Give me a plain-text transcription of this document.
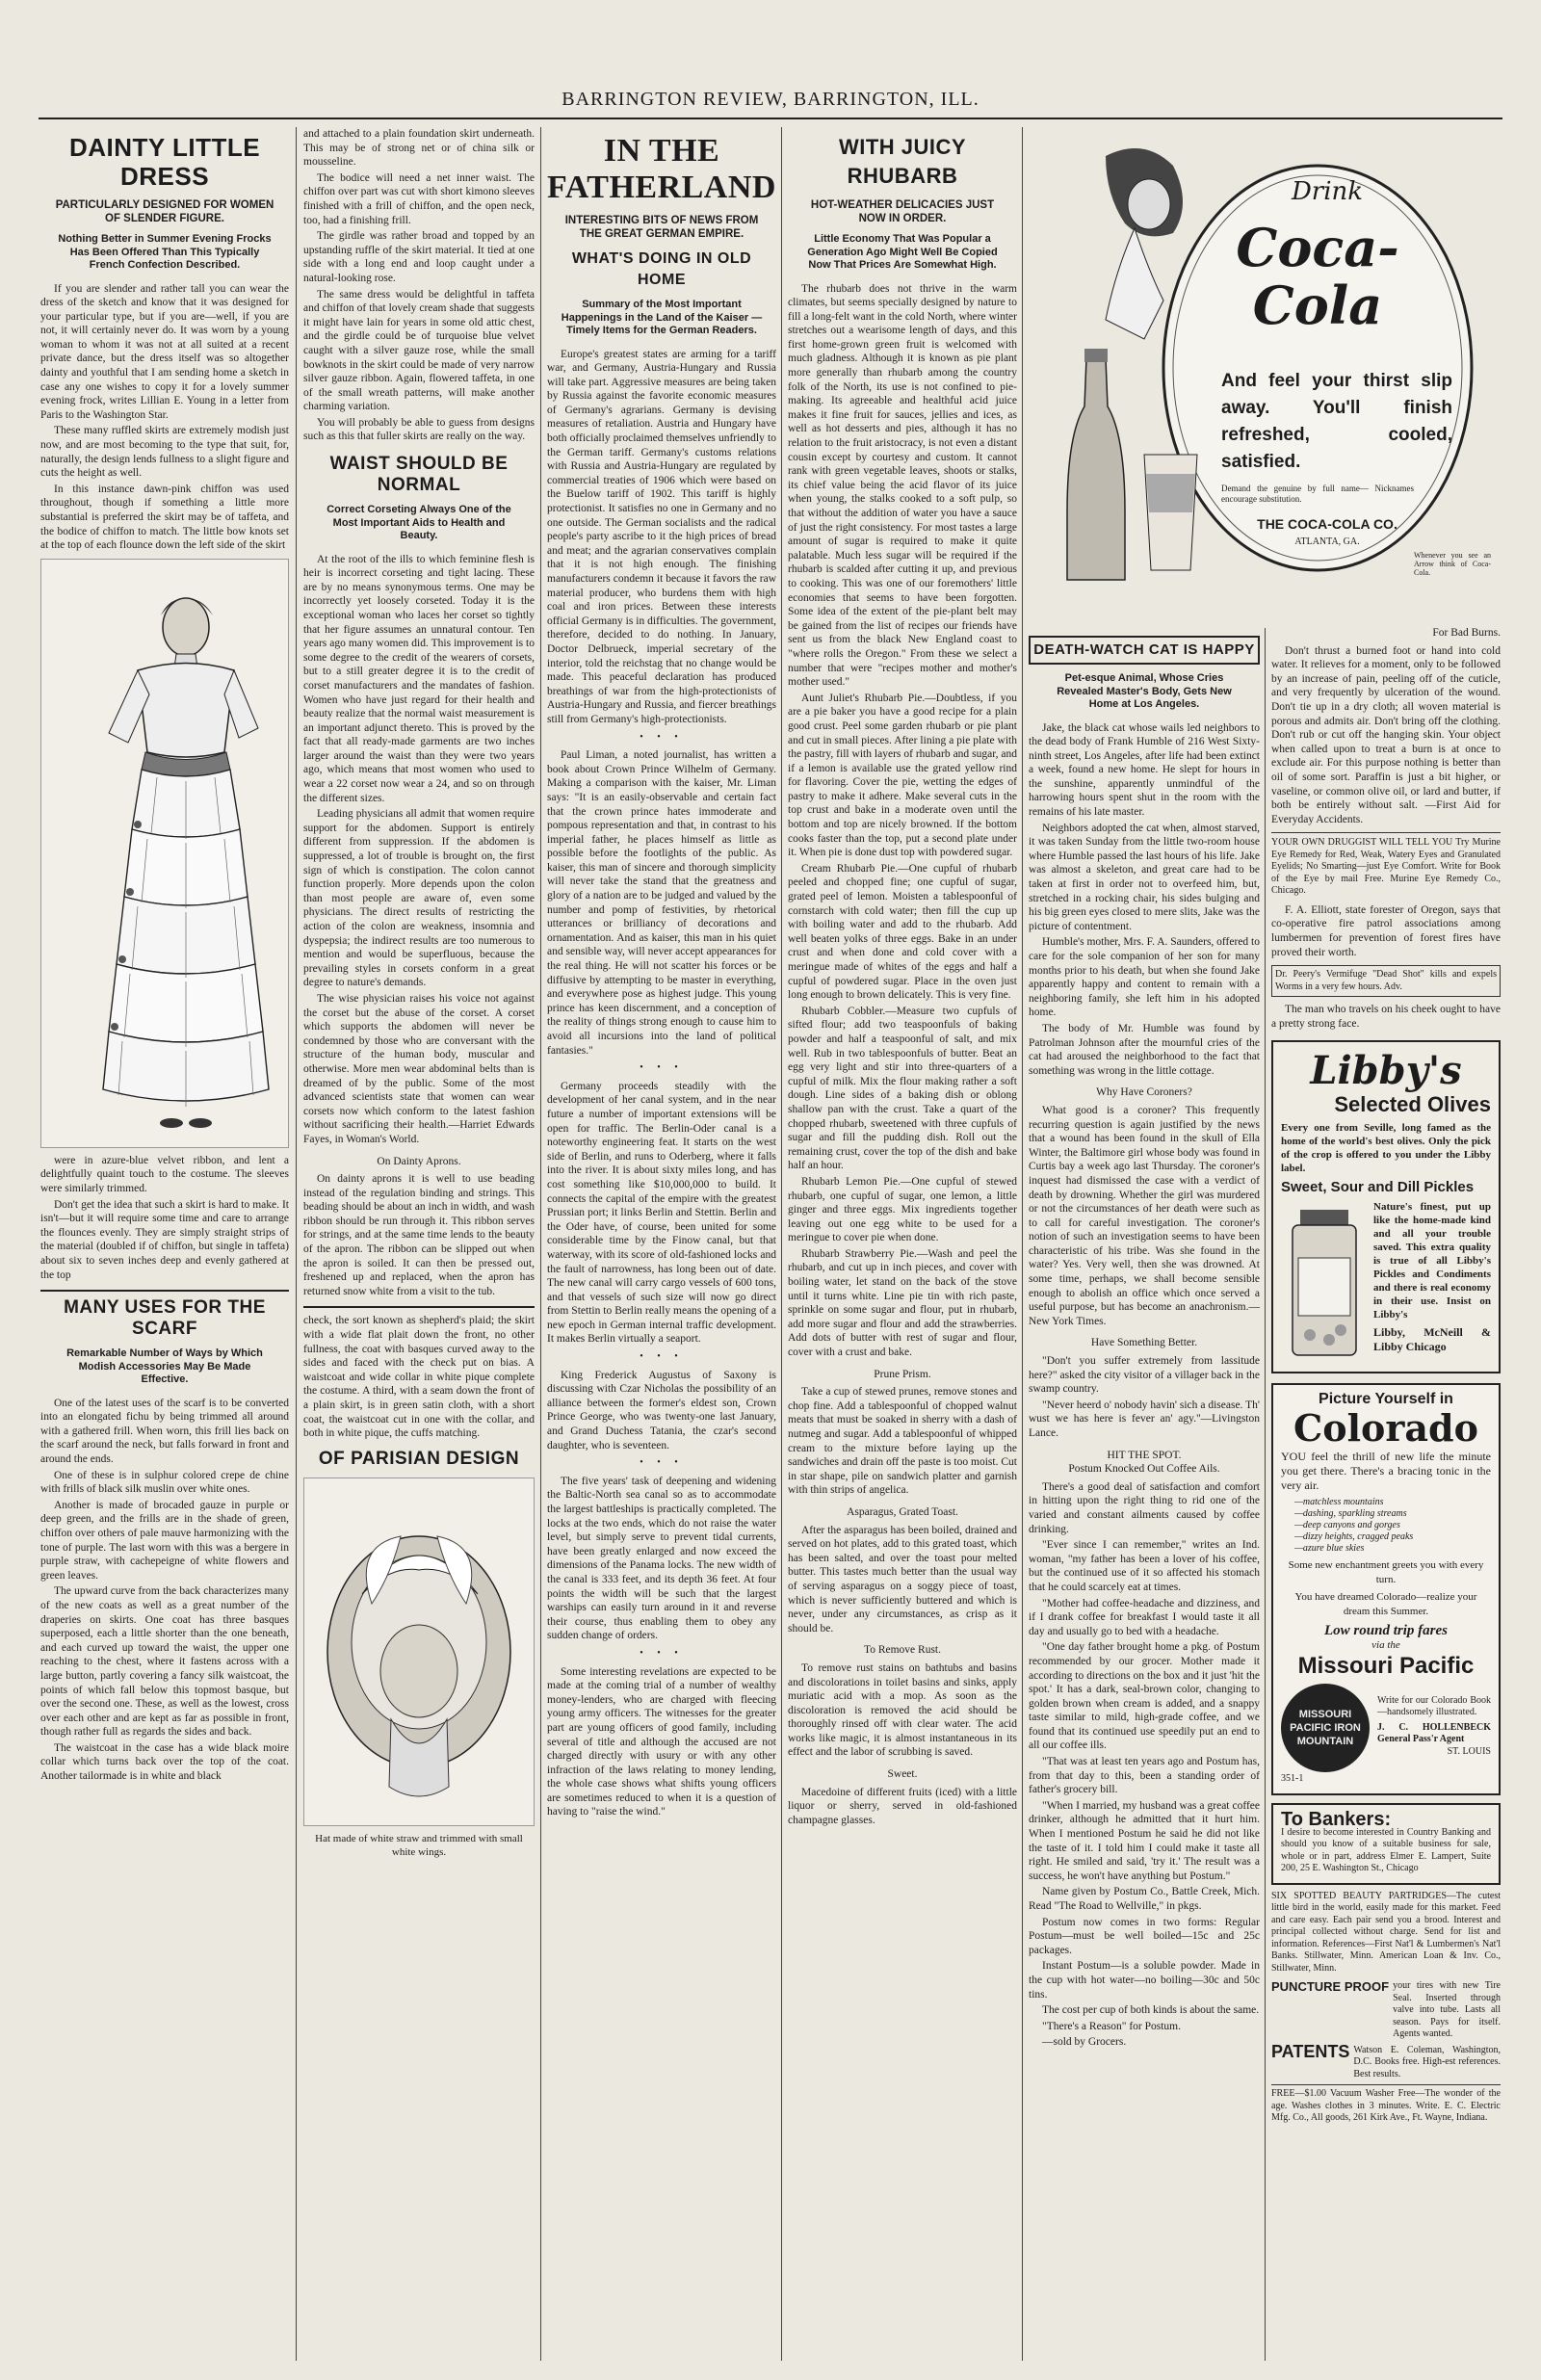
BARRINGTON REVIEW, BARRINGTON, ILL.
DAINTY LITTLE DRESS
PARTICULARLY DESIGNED FOR WOMEN OF SLENDER FIGURE.
Nothing Better in Summer Evening Frocks Has Been Offered Than This Typically French Confection Described.

If you are slender and rather tall you can wear the dress of the sketch and know that it was designed for your particular type, but if you are—well, if you are not, it will certainly never do. It was worn by a young woman to whom it was not at all suited at a recent private dance, but the dress itself was so altogether dainty and youthful that I am sending home a sketch in case any one wishes to copy it for a lovely summer evening frock, writes Lillian E. Young in a letter from Paris to the Washington Star.

These many ruffled skirts are extremely modish just now, and are most becoming to the type that suit, for, naturally, the design lends fullness to a slight figure and cuts the height as well.

In this instance dawn-pink chiffon was used throughout, though if something a little more substantial is preferred the skirt may be of taffeta, and the bodice of chiffon to match. The little bow knots set at the top of each flounce down the left side of the skirt

were in azure-blue velvet ribbon, and lent a delightfully quaint touch to the costume. The sleeves were similarly trimmed.

Don't get the idea that such a skirt is hard to make. It isn't—but it will require some time and care to arrange the flounces evenly. They are simply straight strips of the material (doubled if of chiffon, but single in taffeta) about six to seven inches deep and evenly gathered at the top

MANY USES FOR THE SCARF
Remarkable Number of Ways by Which Modish Accessories May Be Made Effective.

One of the latest uses of the scarf is to be converted into an elongated fichu by being trimmed all around with a gathered frill. When worn, this frill lies back on the scarf around the neck, but falls forward in front and around the ends.

One of these is in sulphur colored crepe de chine with frills of black silk muslin over white ones.

Another is made of brocaded gauze in purple or deep green, and the frills are in the shade of green, chiffon over others of pale mauve harmonizing with the tone of purple. The last worn with this was a bergere in purple straw, with cachepeigne of white flowers and green leaves.

The upward curve from the back characterizes many of the new coats as well as a great number of the draperies on skirts. One coat has three basques superposed, each a little shorter than the one beneath, and each curved up toward the waist, the upper one reaching to the chest, where it fastens across with a large button, partly covering a fancy silk waistcoat, the points of which fall below this topmost basque, but over the second one. These, as well as the lowest, cross over each other and are kept as far as possible in front, though rather full as regards the sides and back.

The waistcoat in the case has a wide black moire collar which turns back over the top of the coat. Another tailormade is in white and black

and attached to a plain foundation skirt underneath. This may be of strong net or of china silk or mousseline.

The bodice will need a net inner waist. The chiffon over part was cut with short kimono sleeves finished with a frill of chiffon, and the open neck, too, had a finishing frill.

The girdle was rather broad and topped by an upstanding ruffle of the skirt material. It tied at one side with a long end and loop caught under a natural-looking rose.

The same dress would be delightful in taffeta and chiffon of that lovely cream shade that suggests it might have lain for years in some old attic chest, and the girdle could be of turquoise blue velvet caught with a silver gauze rose, while the small bowknots in the skirt could be made of very narrow silver gauze ribbon. Again, flowered taffeta, in one of the small wreath patterns, will make another charming variation.

You will probably be able to guess from designs such as this that fuller skirts are really on the way.

WAIST SHOULD BE NORMAL
Correct Corseting Always One of the Most Important Aids to Health and Beauty.

At the root of the ills to which feminine flesh is heir is incorrect corseting and tight lacing. These are by no means synonymous terms. One may be incorrectly yet loosely corseted. Today it is the exceptional woman who laces her corset so tightly that her figure assumes an unnatural contour. Ten years ago many women did. This improvement is to some degree to the credit of the wearers of corsets, but to a still greater degree it is to the credit of corset manufacturers and the mandates of fashion. Women who have just regard for their health and beauty realize that the normal waist measurement is an important adjunct thereto. This is proved by the fact that all ready-made garments are two inches larger around the waist than they were two years ago, which means that most women who used to wear a 22 corset now wear a 24, and so on through the different sizes.

Leading physicians all admit that women require support for the abdomen. Support is entirely different from suppression. If the abdomen is suppressed, a lot of trouble is brought on, the first sign of which is constipation. The colon cannot function properly. More depends upon the colon than most people are aware of, even some physicians. The direct results of restricting the action of the colon are weakness, insomnia and dyspepsia; the indirect results are too numerous to mention and would be superfluous, because the prevailing styles in corsets conform in a great degree to nature's demands.

The wise physician raises his voice not against the corset but the abuse of the corset. A corset which supports the abdomen will never be condemned by those who are conversant with the structure of the human body, muscular and otherwise. More men wear abdominal belts than is dreamed of by the public. Some of the most advanced scientists state that women can wear corsets now which conform to the latest fashion without sacrificing their health.—Harriet Edwards Fayes, in Woman's World.

On Dainty Aprons.

On dainty aprons it is well to use beading instead of the regulation binding and strings. This beading should be about an inch in width, and wash ribbon should be run through it. This ribbon serves for strings, and at the same time lends to the beauty of the apron. The ribbon can be slipped out when the apron is soiled. It can then be pressed out, freshened up and replaced, when the apron has returned snow white from a visit to the tub.

check, the sort known as shepherd's plaid; the skirt with a wide flat plait down the front, no other fullness, the coat with basques curved away to the sides and faced with the check put on bias. A waistcoat and wide collar in white pique complete the costume. A third, with a seam down the front of a plain skirt, is in green satin cloth, with a short coat, the waistcoat cut in one with the collar, and both in white pique, the cuffs matching.

OF PARISIAN DESIGN
Hat made of white straw and trimmed with small white wings.
IN THE FATHERLAND
INTERESTING BITS OF NEWS FROM THE GREAT GERMAN EMPIRE.
WHAT'S DOING IN OLD HOME
Summary of the Most Important Happenings in the Land of the Kaiser —Timely Items for the German Readers.

Europe's greatest states are arming for a tariff war, and Germany, Austria-Hungary and Russia will take part. Aggressive measures are being taken by Russia against the favorite economic measures of Germany's agrarians. Germany is devising measures of retaliation. Austria and Hungary have both officially proclaimed themselves unfriendly to the German tariff. Germany's customs relations with Russia and Austria-Hungary are regulated by commercial treaties of 1906 which were based on the Buelow tariff of 1902. This tariff is highly protectionist. It satisfies no one in Germany and no one outside. The German socialists and the radical people's party ascribe to it the high prices of bread and meat; and the agrarian conservatives complain that it is not high enough. The finishing manufacturers condemn it because it favors the raw material producer, who burdens them with high coal and iron prices. Between these interests official Germany is in difficulties. The government, therefore, decided to do nothing. In January, Doctor Delbrueck, imperial secretary of the interior, told the reichstag that no change would be made. This peaceful declaration has produced breathings of war from the high-protectionists of Austria-Hungary and Russia, and fiercer breathings still from Germany's high-protectionists.

• • •

Paul Liman, a noted journalist, has written a book about Crown Prince Wilhelm of Germany. Making a comparison with the kaiser, Mr. Liman says: "It is an easily-observable and certain fact that the crown prince hates immoderate and pompous representation and that, in contrast to his imperial father, he places himself as little as possible before the footlights of the public. As kaiser, this man of sincere and thorough simplicity will never take the stand that the greatness and glory of a nation are to be judged and valued by the number and pomp of festivities, by rhetorical utterances or brilliancy of decorations and ornamentation. And as kaiser, this man in his quiet and sensible way, will never accept appearances for the real thing. He will not scatter his forces or be diffusive by attempting to be master in everything, and everywhere pose as highest judge. This young prince has keen discernment, and a conception of the reality of things strong enough to cause him to avoid all incursions into the land of political fantasies."

• • •

Germany proceeds steadily with the development of her canal system, and in the near future a number of important extensions will be open for traffic. The Berlin-Oder canal is a noteworthy engineering feat. It starts on the west side of Berlin, and runs to Oderberg, where it falls into the river. It is about sixty miles long, and has cost something like $10,000,000 to build. It connects the capital of the empire with the greatest Prussian port; it links Berlin and Stettin. Berlin and the Oder have, of course, been united for some considerable time by the Finow canal, but that waterway, with its score of old-fashioned locks and the fault of narrowness, has long been out of date. The new canal will carry cargo vessels of 600 tons, and that vessels of such size will now go direct from Stettin to Berlin really means the opening of a new epoch in German internal traffic development. It makes Berlin virtually a seaport.

• • •

King Frederick Augustus of Saxony is discussing with Czar Nicholas the possibility of an alliance between the former's eldest son, Crown Prince George, who was twenty-one last January, and Grand Duchess Tatania, the czar's second daughter, who is seventeen.

• • •

The five years' task of deepening and widening the Baltic-North sea canal so as to accommodate the largest battleships is practically completed. The locks at the two ends, which do not raise the water level, but simply serve to prevent tidal currents, have been greatly enlarged and now exceed the dimensions of the Panama locks. The new width of the canal is 333 feet, and its depth 36 feet. At four points the width will be such that the largest warships can easily turn around in it and reverse their course, thus enabling them to obey any sudden change of orders.

• • •

Some interesting revelations are expected to be made at the coming trial of a number of wealthy money-lenders, who are charged with fleecing young army officers. The witnesses for the greater part are young officers of good family, including several of title and although the accused are not charged directly with usury or with any other infraction of the laws relating to money lending, the whole case shows what shifts young officers are sometimes reduced to when it is a question of having to "raise the wind."

WITH JUICY RHUBARB
HOT-WEATHER DELICACIES JUST NOW IN ORDER.
Little Economy That Was Popular a Generation Ago Might Well Be Copied Now That Prices Are Somewhat High.

The rhubarb does not thrive in the warm climates, but seems specially designed by nature to fill a long-felt want in the cold North, where winter stretches out a wearisome length of days, and this first home-grown green fruit is welcomed with much gladness. Although it is known as pie plant more generally than rhubarb among the country folk of the North, its use is not confined to pie-making. Its agreeable and healthful acid juice makes it fine fruit for sauces, jellies and ices, as well as hot desserts and pies, although it has no relation to the fruit aristocracy, is not even a distant cousin except by courtesy and custom. It cannot rank with green vegetable leaves, shoots or stalks, its chief value being the acid flavor of its juice when young, the stalks cooked to a soft pulp, so that without the addition of water you have a sauce of just the right consistency. For most tastes a large amount of sugar is required to make it quite palatable. Much less sugar will be required if the rhubarb is scalded after cutting it up, and previous to cooking. This was one of our foremothers' little economies that seems to have been forgotten. Some idea of the extent of the pie-plant belt may be gained from the list of recipes our friends have sent us from the black New England coast to "where rolls the Oregon." From these we select a number that were "recipes mother and mother's mother used."

Aunt Juliet's Rhubarb Pie.—Doubtless, if you are a pie baker you have a good recipe for a plain good crust. Peel some garden rhubarb or pie plant and cut in small pieces. After lining a pie plate with the pastry, fill with layers of rhubarb and sugar, and if a lemon is available use the grated yellow rind for flavoring. Cover the pie, wetting the edges of pastry to make it adhere. Make several cuts in the top crust and bake in a moderate oven until the bottom and top are nicely browned. If the bottom cooks faster than the top, put a second plate under it. When pie is done dust top with powdered sugar.

Cream Rhubarb Pie.—One cupful of rhubarb peeled and chopped fine; one cupful of sugar, grated peel of lemon. Moisten a tablespoonful of cornstarch with cold water; then fill the cup up with boiling water and add to the rhubarb. Add well beaten yolks of three eggs. Bake in an under crust and when done and cold cover with a meringue made of whites of the eggs and half a cupful of powdered sugar. Place in the oven just long enough to brown delicately. This is very fine.

Rhubarb Cobbler.—Measure two cupfuls of sifted flour; add two teaspoonfuls of baking powder and half a teaspoonful of salt, and mix well. Rub in two tablespoonfuls of butter. Beat an egg very light and stir into three-quarters of a cupful of milk. Mix the flour making rather a soft dough. Line sides of a baking dish or oblong shallow pan with the crust. Take a quart of the chopped rhubarb, sweetened with three cupfuls of sugar and fill the pudding dish. Roll out the remaining crust, cover the top of the dish and bake half an hour.

Rhubarb Lemon Pie.—One cupful of stewed rhubarb, one cupful of sugar, one lemon, a little ginger and three eggs. Mix ingredients together leaving out one egg white to be used for a meringue to cover pie when done.

Rhubarb Strawberry Pie.—Wash and peel the rhubarb, and cut up in inch pieces, and cover with boiling water, let stand on the back of the stove until it turns white. Line pie tin with rich paste, sprinkle on some sugar and flour, put in rhubarb, add more sugar and flour and add the strawberries. Add dots of butter with rest of sugar and flour, cover with a crust and bake.

Prune Prism.

Take a cup of stewed prunes, remove stones and chop fine. Add a tablespoonful of chopped walnut meats that must be soaked in sherry with a dash of nutmeg and sugar. Add a tablespoonful of whipped cream to the mixture before laying up the sandwiches and drain off the paste is too moist. Cut in star shape, pile on sandwich platter and garnish with thin strips of angelica.

Asparagus, Grated Toast.

After the asparagus has been boiled, drained and served on hot plates, add to this grated toast, which has been salted, and over the toast pour melted butter. This tastes much better than the usual way of serving asparagus on a soggy piece of toast, which is never sufficiently buttered and which is never, under any circumstances, as crisp as it should be.

To Remove Rust.

To remove rust stains on bathtubs and basins and discolorations in toilet basins and sinks, apply muriatic acid with a mop. As soon as the discoloration is removed the acid should be thoroughly rinsed off with clear water. The acid works like magic, it is almost instantaneous in its effect and the labor of scrubbing is saved.

Sweet.

Macedoine of different fruits (iced) with a little liquor or sherry, served in old-fashioned champagne glasses.

Drink
Coca-Cola
And feel your thirst slip away. You'll finish refreshed, cooled, satisfied.
Demand the genuine by full name— Nicknames encourage substitution.
THE COCA-COLA CO.
ATLANTA, GA.
Whenever you see an Arrow think of Coca-Cola.
DEATH-WATCH CAT IS HAPPY
Pet-esque Animal, Whose Cries Revealed Master's Body, Gets New Home at Los Angeles.

Jake, the black cat whose wails led neighbors to the dead body of Frank Humble of 216 West Sixty-ninth street, Los Angeles, after life had been extinct a week, found a new home. He slept for hours in the sunshine, apparently unmindful of the harrowing hours spent shut in the room with the remains of his late master.

Neighbors adopted the cat when, almost starved, it was taken Sunday from the little two-room house where Humble passed the last hours of his life. Jake was almost a skeleton, and great care had to be taken at first in order not to overfeed him, but, stretched in a rocking chair, his sides bulging and his big green eyes closed to mere slits, Jake was the picture of contentment.

Humble's mother, Mrs. F. A. Saunders, offered to care for the sole companion of her son for many months prior to his death, but when she found Jake apparently happy and content to remain with a neighboring family, she left him in his adopted home.

The body of Mr. Humble was found by Patrolman Johnson after the mournful cries of the cat had aroused the neighborhood to the fact that something was wrong in the little cottage.

Why Have Coroners?

What good is a coroner? This frequently recurring question is again justified by the news that a wound has been found in the skull of Ella Winter, the Baltimore girl whose body was found in Curtis bay a week ago last Thursday. The coroner's inquest had dismissed the case with a verdict of death by drowning. Whether the girl was murdered or not the circumstances of her death were such as to call for careful investigation. The coroner's notion of such an investigation seems to have been characteristic of his tribe. Was she found in the water? Yes. Very well, then she was drowned. At some time, perhaps, we shall become sensible enough to abolish an office which once served a useful purpose, but has become an anachronism.—New York Times.

Have Something Better.

"Don't you suffer extremely from lassitude here?" asked the city visitor of a villager back in the swamp country.

"Never heerd o' nobody havin' sich a disease. Th' wust we has here is fever an' agy."—Livingston Lance.

HIT THE SPOT.
Postum Knocked Out Coffee Ails.

There's a good deal of satisfaction and comfort in hitting upon the right thing to rid one of the varied and constant ailments caused by coffee drinking.

"Ever since I can remember," writes an Ind. woman, "my father has been a lover of his coffee, but the continued use of it so affected his stomach that he could scarcely eat at times.

"Mother had coffee-headache and dizziness, and if I drank coffee for breakfast I would taste it all day and usually go to bed with a headache.

"One day father brought home a pkg. of Postum recommended by our grocer. Mother made it according to directions on the box and it just 'hit the spot.' It has a dark, seal-brown color, changing to golden brown when cream is added, and a snappy taste similar to mild, high-grade coffee, and we found that its continued use speedily put an end to all our coffee ills.

"That was at least ten years ago and Postum has, from that day to this, been a standing order of father's grocery bill.

"When I married, my husband was a great coffee drinker, although he admitted that it hurt him. When I mentioned Postum he said he did not like the taste of it. I told him I could make it taste all right. He smiled and said, 'try it.' The result was a success, he won't have anything but Postum."

Name given by Postum Co., Battle Creek, Mich. Read "The Road to Wellville," in pkgs.

Postum now comes in two forms: Regular Postum—must be well boiled—15c and 25c packages.

Instant Postum—is a soluble powder. Made in the cup with hot water—no boiling—30c and 50c tins.

The cost per cup of both kinds is about the same.

"There's a Reason" for Postum.

—sold by Grocers.

For Bad Burns.

Don't thrust a burned foot or hand into cold water. It relieves for a moment, only to be followed by an increase of pain, peeling off of the cuticle, and very frequently by ulceration of the wound. Don't tie up in a dry cloth; all woven material is porous and admits air. Don't bring off the clothing. Don't rub or cut off the hanging skin. Your object when called upon to treat a burn is at once to exclude air. For this purpose nothing is better than oil of some sort. Paraffin is just a bit higher, or vaseline, or common olive oil, or lard and butter, if both be entirely without salt. —First Aid for Everyday Accidents.

YOUR OWN DRUGGIST WILL TELL YOU Try Murine Eye Remedy for Red, Weak, Watery Eyes and Granulated Eyelids; No Smarting—just Eye Comfort. Write for Book of the Eye by mail Free. Murine Eye Remedy Co., Chicago.

F. A. Elliott, state forester of Oregon, says that co-operative fire patrol associations among lumbermen for prevention of forest fires have proved their worth.

Dr. Peery's Vermifuge "Dead Shot" kills and expels Worms in a very few hours. Adv.

The man who travels on his cheek ought to have a pretty strong face.

Libby's
Selected Olives
Every one from Seville, long famed as the home of the world's best olives. Only the pick of the crop is offered to you under the Libby label.
Sweet, Sour and Dill Pickles
Nature's finest, put up like the home-made kind and all your trouble saved. This extra quality is true of all Libby's Pickles and Condiments and there is real economy in their use. Insist on Libby's
Libby, McNeill & Libby Chicago
Picture Yourself in
Colorado
YOU feel the thrill of new life the minute you get there. There's a bracing tonic in the very air.
—matchless mountains
—dashing, sparkling streams
—deep canyons and gorges
—dizzy heights, cragged peaks
—azure blue skies
Some new enchantment greets you with every turn.
You have dreamed Colorado—realize your dream this Summer.
Low round trip fares
via the
Missouri Pacific
MISSOURI PACIFIC IRON MOUNTAIN
Write for our Colorado Book—handsomely illustrated.
J. C. HOLLENBECK General Pass'r Agent
ST. LOUIS
351-1
To Bankers:
I desire to become interested in Country Banking and should you know of a suitable business for sale, whole or in part, address Elmer E. Lampert, Suite 200, 25 E. Washington St., Chicago
SIX SPOTTED BEAUTY PARTRIDGES—The cutest little bird in the world, easily made for this market. Feed and care easy. Each pair send you a brood. Interest and principal collected without charge. Send for list and information. References—First Nat'l & Lumbermen's Nat'l Banks. Stillwater, Minn. American Loan & Inv. Co., Stillwater, Minn.
PUNCTURE PROOF your tires with new Tire Seal. Inserted through valve into tube. Lasts all season. Pays for itself. Agents wanted.
PATENTS Watson E. Coleman, Washington, D.C. Books free. High-est references. Best results.
FREE—$1.00 Vacuum Washer Free—The wonder of the age. Washes clothes in 3 minutes. Write. E. C. Electric Mfg. Co., All goods, 261 Kirk Ave., Ft. Wayne, Indiana.
